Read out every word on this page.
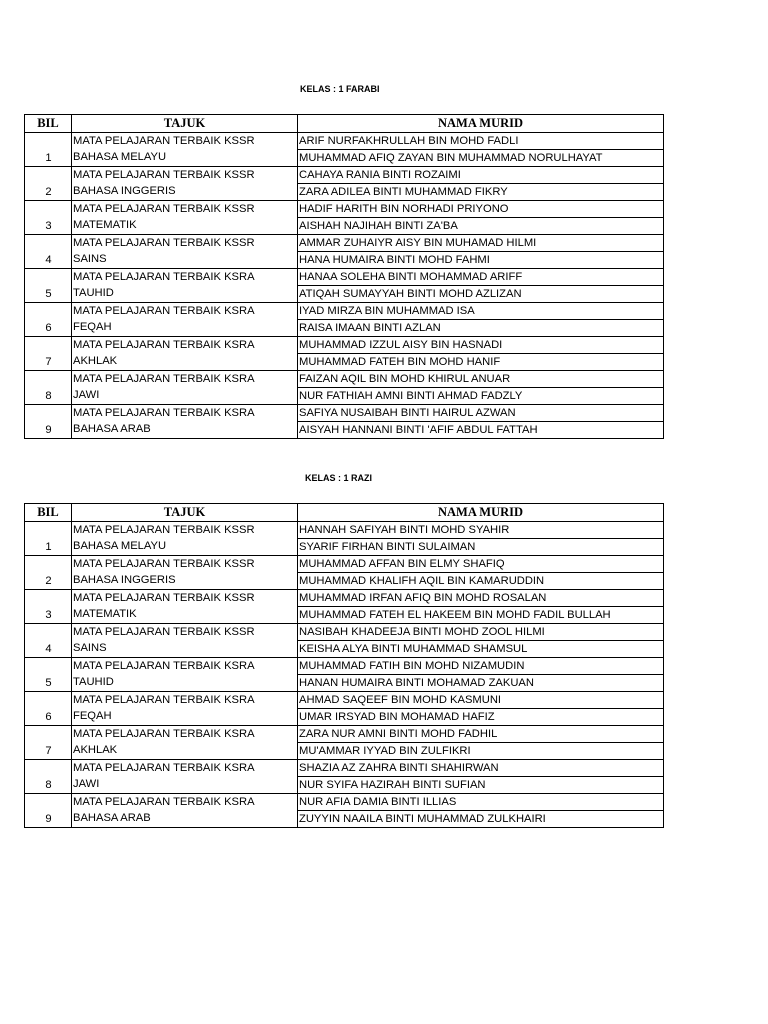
KELAS : 1 FARABI
BIL	TAJUK	NAMA MURID
1	MATA PELAJARAN TERBAIK KSSR	ARIF NURFAKHRULLAH BIN MOHD FADLI
	BAHASA MELAYU	MUHAMMAD AFIQ ZAYAN BIN MUHAMMAD NORULHAYAT
2	MATA PELAJARAN TERBAIK KSSR	CAHAYA RANIA BINTI ROZAIMI
	BAHASA INGGERIS	ZARA ADILEA BINTI MUHAMMAD FIKRY
3	MATA PELAJARAN TERBAIK KSSR	HADIF HARITH BIN NORHADI PRIYONO
	MATEMATIK	AISHAH NAJIHAH BINTI ZA'BA
4	MATA PELAJARAN TERBAIK KSSR	AMMAR ZUHAIYR AISY BIN MUHAMAD HILMI
	SAINS	HANA HUMAIRA BINTI MOHD FAHMI
5	MATA PELAJARAN TERBAIK KSRA	HANAA SOLEHA BINTI MOHAMMAD ARIFF
	TAUHID	ATIQAH SUMAYYAH BINTI MOHD AZLIZAN
6	MATA PELAJARAN TERBAIK KSRA	IYAD MIRZA BIN MUHAMMAD ISA
	FEQAH	RAISA IMAAN BINTI AZLAN
7	MATA PELAJARAN TERBAIK KSRA	MUHAMMAD IZZUL AISY BIN HASNADI
	AKHLAK	MUHAMMAD FATEH BIN MOHD HANIF
8	MATA PELAJARAN TERBAIK KSRA	FAIZAN AQIL BIN MOHD KHIRUL ANUAR
	JAWI	NUR FATHIAH AMNI BINTI AHMAD FADZLY
9	MATA PELAJARAN TERBAIK KSRA	SAFIYA NUSAIBAH BINTI HAIRUL AZWAN
	BAHASA ARAB	AISYAH HANNANI BINTI 'AFIF ABDUL FATTAH
KELAS : 1 RAZI
BIL	TAJUK	NAMA MURID
1	MATA PELAJARAN TERBAIK KSSR	HANNAH SAFIYAH BINTI MOHD SYAHIR
	BAHASA MELAYU	SYARIF FIRHAN BINTI SULAIMAN
2	MATA PELAJARAN TERBAIK KSSR	MUHAMMAD AFFAN BIN ELMY SHAFIQ
	BAHASA INGGERIS	MUHAMMAD KHALIFH AQIL BIN KAMARUDDIN
3	MATA PELAJARAN TERBAIK KSSR	MUHAMMAD IRFAN AFIQ BIN MOHD ROSALAN
	MATEMATIK	MUHAMMAD FATEH EL HAKEEM BIN MOHD FADIL BULLAH
4	MATA PELAJARAN TERBAIK KSSR	NASIBAH KHADEEJA BINTI MOHD ZOOL HILMI
	SAINS	KEISHA ALYA BINTI MUHAMMAD SHAMSUL
5	MATA PELAJARAN TERBAIK KSRA	MUHAMMAD FATIH BIN MOHD NIZAMUDIN
	TAUHID	HANAN HUMAIRA BINTI MOHAMAD ZAKUAN
6	MATA PELAJARAN TERBAIK KSRA	AHMAD SAQEEF BIN MOHD KASMUNI
	FEQAH	UMAR IRSYAD BIN MOHAMAD HAFIZ
7	MATA PELAJARAN TERBAIK KSRA	ZARA NUR AMNI BINTI MOHD FADHIL
	AKHLAK	MU'AMMAR IYYAD BIN ZULFIKRI
8	MATA PELAJARAN TERBAIK KSRA	SHAZIA AZ ZAHRA BINTI SHAHIRWAN
	JAWI	NUR SYIFA HAZIRAH BINTI SUFIAN
9	MATA PELAJARAN TERBAIK KSRA	NUR AFIA DAMIA BINTI ILLIAS
	BAHASA ARAB	ZUYYIN NAAILA BINTI MUHAMMAD ZULKHAIRI
